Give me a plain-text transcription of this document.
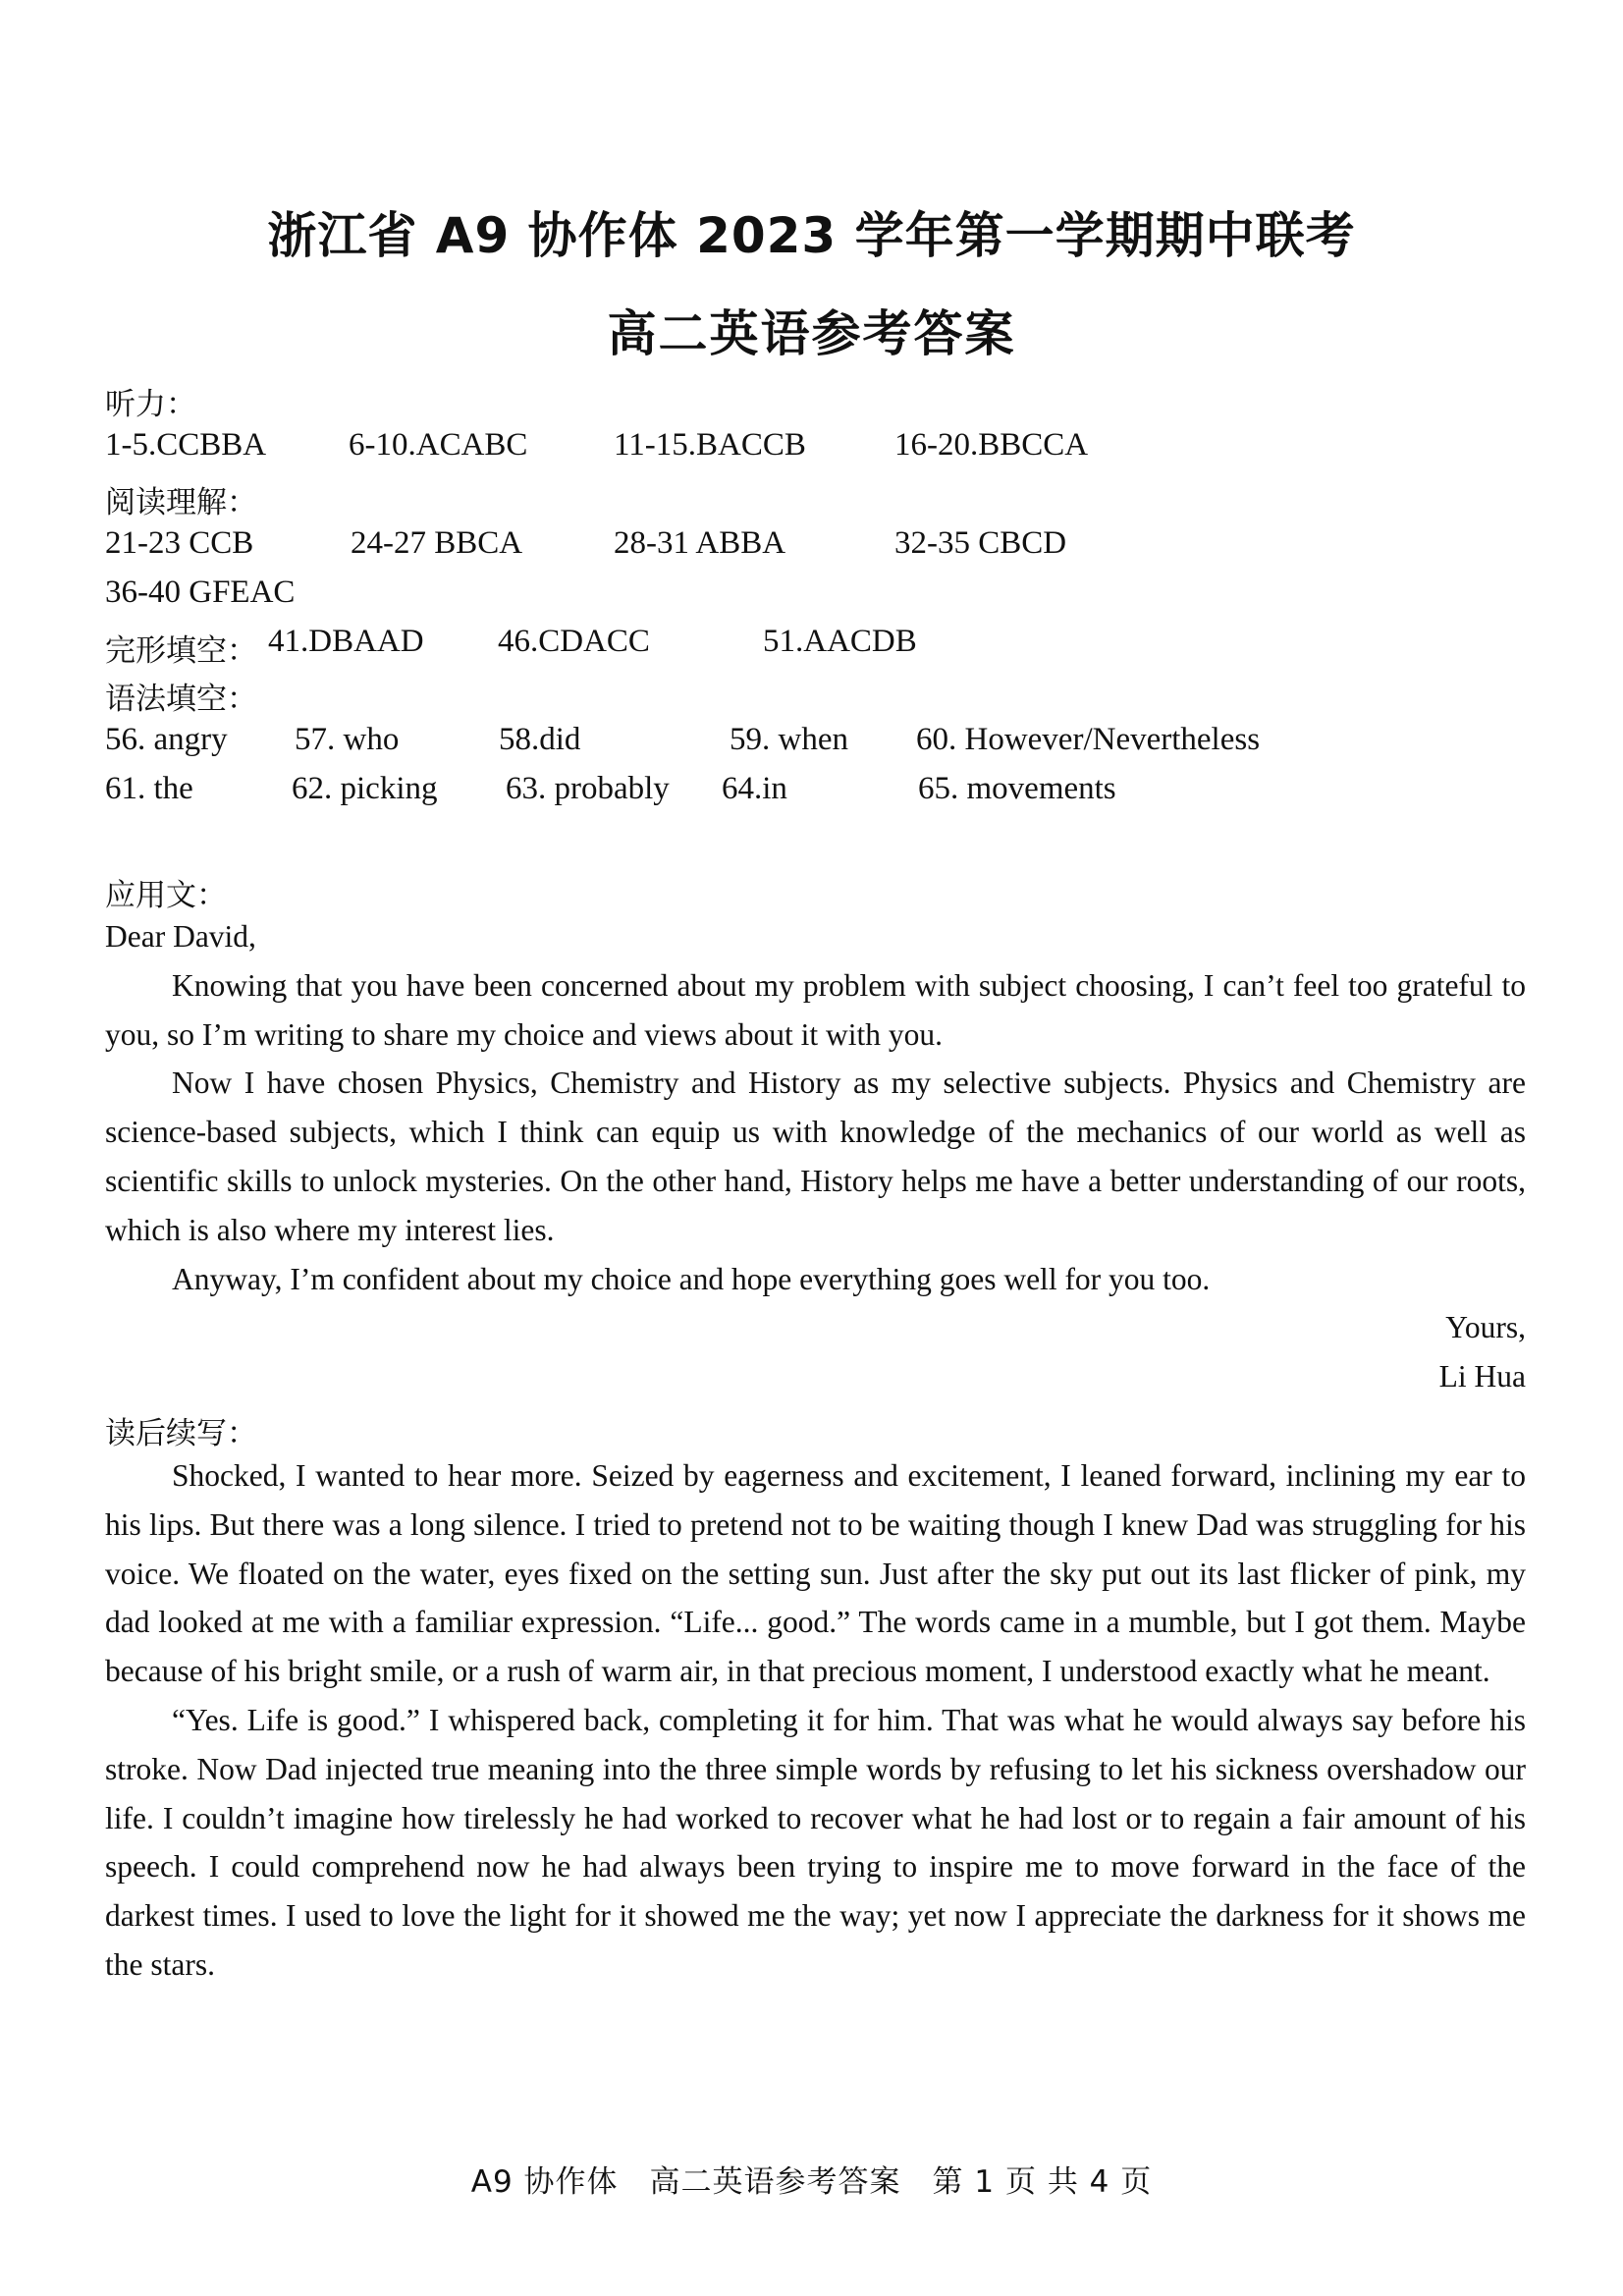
浙江省 A9 协作体 2023 学年第一学期期中联考
高二英语参考答案
听力：
1-5.CCBBA	6-10.ACABC	11-15.BACCB	16-20.BBCCA
阅读理解：
21-23 CCB	24-27 BBCA	28-31 ABBA	32-35 CBCD
36-40 GFEAC
完形填空： 41.DBAAD 46.CDACC	51.AACDB
语法填空：
56. angry 57. who	58.did	59. when 60. However/Nevertheless
61. the	62. picking 63. probably 64.in	65. movements
应用文：

Dear David,

Knowing that you have been concerned about my problem with subject choosing, I can’t feel too grateful to you, so I’m writing to share my choice and views about it with you.

Now I have chosen Physics, Chemistry and History as my selective subjects. Physics and Chemistry are science-based subjects, which I think can equip us with knowledge of the mechanics of our world as well as scientific skills to unlock mysteries. On the other hand, History helps me have a better understanding of our roots, which is also where my interest lies.

Anyway, I’m confident about my choice and hope everything goes well for you too.

Yours,

Li Hua

读后续写：

Shocked, I wanted to hear more. Seized by eagerness and excitement, I leaned forward, inclining my ear to his lips. But there was a long silence. I tried to pretend not to be waiting though I knew Dad was struggling for his voice. We floated on the water, eyes fixed on the setting sun. Just after the sky put out its last flicker of pink, my dad looked at me with a familiar expression. “Life... good.” The words came in a mumble, but I got them. Maybe because of his bright smile, or a rush of warm air, in that precious moment, I understood exactly what he meant.

“Yes. Life is good.” I whispered back, completing it for him. That was what he would always say before his stroke. Now Dad injected true meaning into the three simple words by refusing to let his sickness overshadow our life. I couldn’t imagine how tirelessly he had worked to recover what he had lost or to regain a fair amount of his speech. I could comprehend now he had always been trying to inspire me to move forward in the face of the darkest times. I used to love the light for it showed me the way; yet now I appreciate the darkness for it shows me the stars.

A9 协作体　高二英语参考答案　第 1 页 共 4 页
